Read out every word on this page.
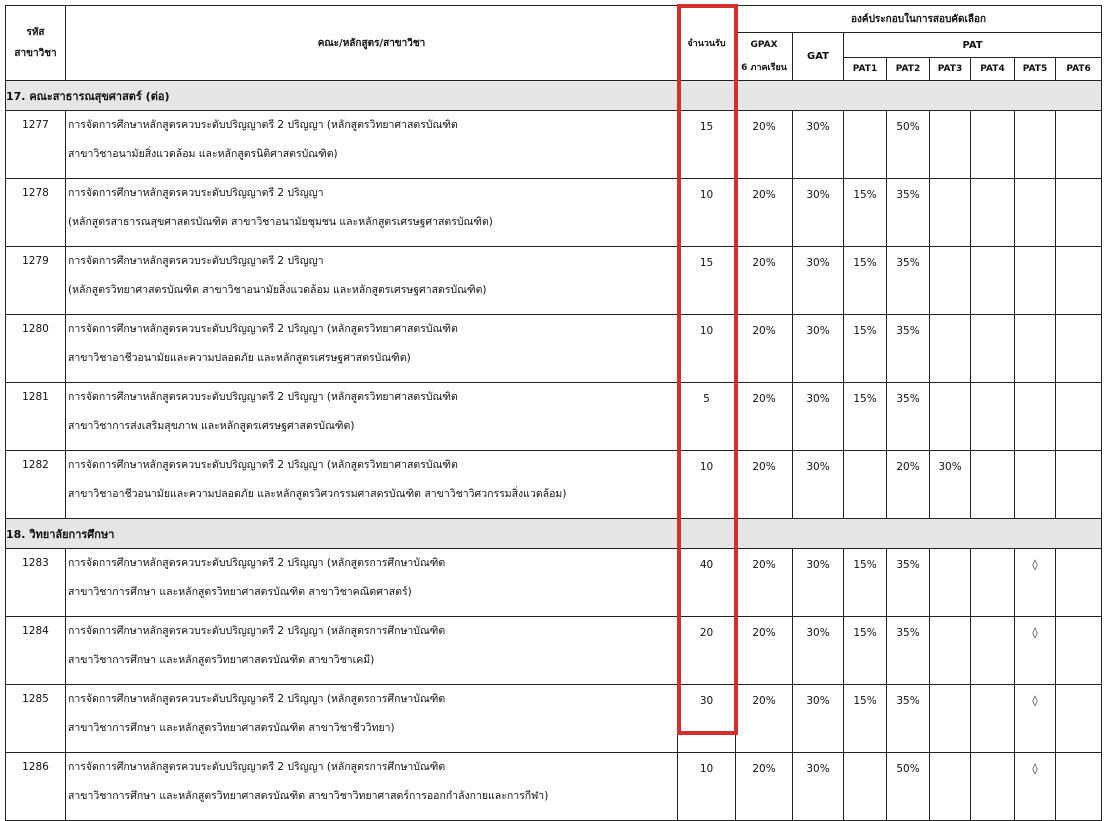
รหัส
สาขาวิชา	คณะ/หลักสูตร/สาขาวิชา	จำนวนรับ	องค์ประกอบในการสอบคัดเลือก							

			GPAX
6 ภาคเรียน	GAT	PAT					
					PAT1	PAT2	PAT3	PAT4	PAT5	PAT6
17. คณะสาธารณสุขศาสตร์ (ต่อ)										
1277	การจัดการศึกษาหลักสูตรควบระดับปริญญาตรี 2 ปริญญา (หลักสูตรวิทยาศาสตรบัณฑิต
สาขาวิชาอนามัยสิ่งแวดล้อม และหลักสูตรนิติศาสตรบัณฑิต)	15	20%	30%		50%				
1278	การจัดการศึกษาหลักสูตรควบระดับปริญญาตรี 2 ปริญญา
(หลักสูตรสาธารณสุขศาสตรบัณฑิต สาขาวิชาอนามัยชุมชน และหลักสูตรเศรษฐศาสตรบัณฑิต)	10	20%	30%	15%	35%				
1279	การจัดการศึกษาหลักสูตรควบระดับปริญญาตรี 2 ปริญญา
(หลักสูตรวิทยาศาสตรบัณฑิต สาขาวิชาอนามัยสิ่งแวดล้อม และหลักสูตรเศรษฐศาสตรบัณฑิต)	15	20%	30%	15%	35%				
1280	การจัดการศึกษาหลักสูตรควบระดับปริญญาตรี 2 ปริญญา (หลักสูตรวิทยาศาสตรบัณฑิต
สาขาวิชาอาชีวอนามัยและความปลอดภัย และหลักสูตรเศรษฐศาสตรบัณฑิต)	10	20%	30%	15%	35%				
1281	การจัดการศึกษาหลักสูตรควบระดับปริญญาตรี 2 ปริญญา (หลักสูตรวิทยาศาสตรบัณฑิต
สาขาวิชาการส่งเสริมสุขภาพ และหลักสูตรเศรษฐศาสตรบัณฑิต)	5	20%	30%	15%	35%				
1282	การจัดการศึกษาหลักสูตรควบระดับปริญญาตรี 2 ปริญญา (หลักสูตรวิทยาศาสตรบัณฑิต
สาขาวิชาอาชีวอนามัยและความปลอดภัย และหลักสูตรวิศวกรรมศาสตรบัณฑิต สาขาวิชาวิศวกรรมสิ่งแวดล้อม)	10	20%	30%		20%	30%			
18. วิทยาลัยการศึกษา										
1283	การจัดการศึกษาหลักสูตรควบระดับปริญญาตรี 2 ปริญญา (หลักสูตรการศึกษาบัณฑิต
สาขาวิชาการศึกษา และหลักสูตรวิทยาศาสตรบัณฑิต สาขาวิชาคณิตศาสตร์)	40	20%	30%	15%	35%			◊	
1284	การจัดการศึกษาหลักสูตรควบระดับปริญญาตรี 2 ปริญญา (หลักสูตรการศึกษาบัณฑิต
สาขาวิชาการศึกษา และหลักสูตรวิทยาศาสตรบัณฑิต สาขาวิชาเคมี)	20	20%	30%	15%	35%			◊	
1285	การจัดการศึกษาหลักสูตรควบระดับปริญญาตรี 2 ปริญญา (หลักสูตรการศึกษาบัณฑิต
สาขาวิชาการศึกษา และหลักสูตรวิทยาศาสตรบัณฑิต สาขาวิชาชีววิทยา)	30	20%	30%	15%	35%			◊	
1286	การจัดการศึกษาหลักสูตรควบระดับปริญญาตรี 2 ปริญญา (หลักสูตรการศึกษาบัณฑิต
สาขาวิชาการศึกษา และหลักสูตรวิทยาศาสตรบัณฑิต สาขาวิชาวิทยาศาสตร์การออกกำลังกายและการกีฬา)	10	20%	30%		50%			◊	
